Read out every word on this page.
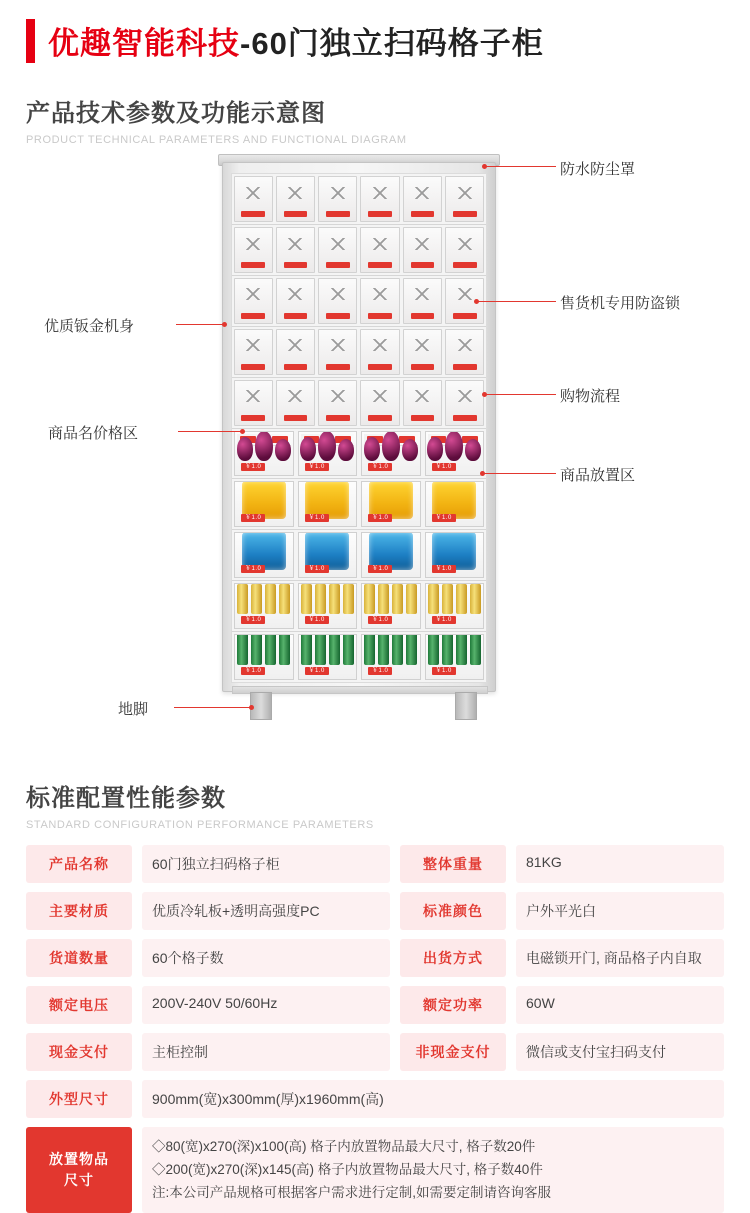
优趣智能科技-60门独立扫码格子柜
产品技术参数及功能示意图
PRODUCT TECHNICAL PARAMETERS AND FUNCTIONAL DIAGRAM
￥1.0	￥1.0	￥1.0	￥1.0
￥1.0	￥1.0	￥1.0	￥1.0
￥1.0	￥1.0	￥1.0	￥1.0
￥1.0	￥1.0	￥1.0	￥1.0
￥1.0	￥1.0	￥1.0	￥1.0
防水防尘罩
售货机专用防盗锁
购物流程
商品放置区
优质钣金机身
商品名价格区
地脚
标准配置性能参数
STANDARD CONFIGURATION PERFORMANCE PARAMETERS
产品名称	60门独立扫码格子柜	整体重量	81KG
主要材质	优质冷轧板+透明高强度PC	标准颜色	户外平光白
货道数量	60个格子数	出货方式	电磁锁开门, 商品格子内自取
额定电压	200V-240V 50/60Hz	额定功率	60W
现金支付	主柜控制	非现金支付	微信或支付宝扫码支付
外型尺寸	900mm(宽)x300mm(厚)x1960mm(高)
放置物品
尺寸
◇80(宽)x270(深)x100(高) 格子内放置物品最大尺寸, 格子数20件
◇200(宽)x270(深)x145(高) 格子内放置物品最大尺寸, 格子数40件
注:本公司产品规格可根据客户需求进行定制,如需要定制请咨询客服
